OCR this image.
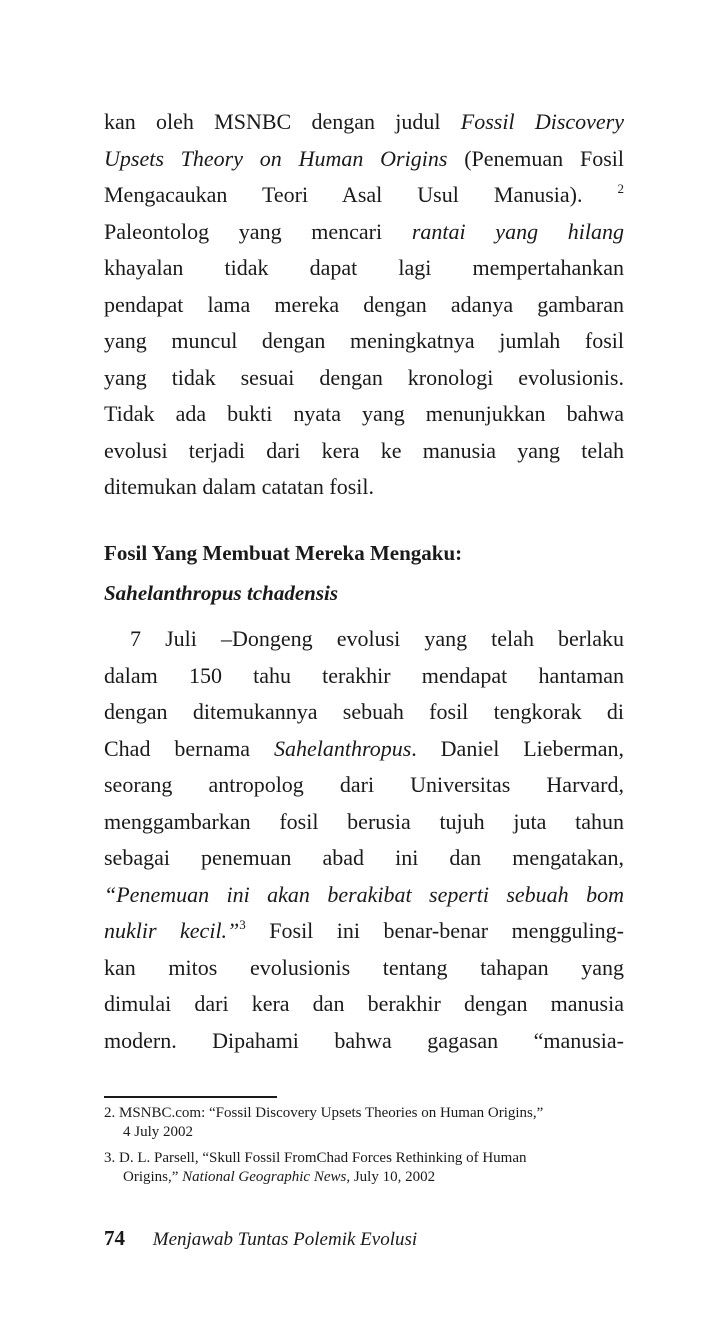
kan oleh MSNBC dengan judul Fossil Discovery
Upsets Theory on Human Origins (Penemuan Fosil
Mengacaukan Teori Asal Usul Manusia). $^2$
Paleontolog yang mencari rantai yang hilang
khayalan tidak dapat lagi mempertahankan
pendapat lama mereka dengan adanya gambaran
yang muncul dengan meningkatnya jumlah fosil
yang tidak sesuai dengan kronologi evolusionis.
Tidak ada bukti nyata yang menunjukkan bahwa
evolusi terjadi dari kera ke manusia yang telah
ditemukan dalam catatan fosil.
Fosil Yang Membuat Mereka Mengaku:
Sahelanthropus tchadensis
7 Juli –Dongeng evolusi yang telah berlaku
dalam 150 tahu terakhir mendapat hantaman
dengan ditemukannya sebuah fosil tengkorak di
Chad bernama Sahelanthropus. Daniel Lieberman,
seorang antropolog dari Universitas Harvard,
menggambarkan fosil berusia tujuh juta tahun
sebagai penemuan abad ini dan mengatakan,
“Penemuan ini akan berakibat seperti sebuah bom
nuklir kecil.”$^3$ Fosil ini benar-benar mengguling-
kan mitos evolusionis tentang tahapan yang
dimulai dari kera dan berakhir dengan manusia
modern. Dipahami bahwa gagasan “manusia-
2. MSNBC.com: “Fossil Discovery Upsets Theories on Human Origins,”
4 July 2002
3. D. L. Parsell, “Skull Fossil FromChad Forces Rethinking of Human
Origins,” National Geographic News, July 10, 2002
74 Menjawab Tuntas Polemik Evolusi
